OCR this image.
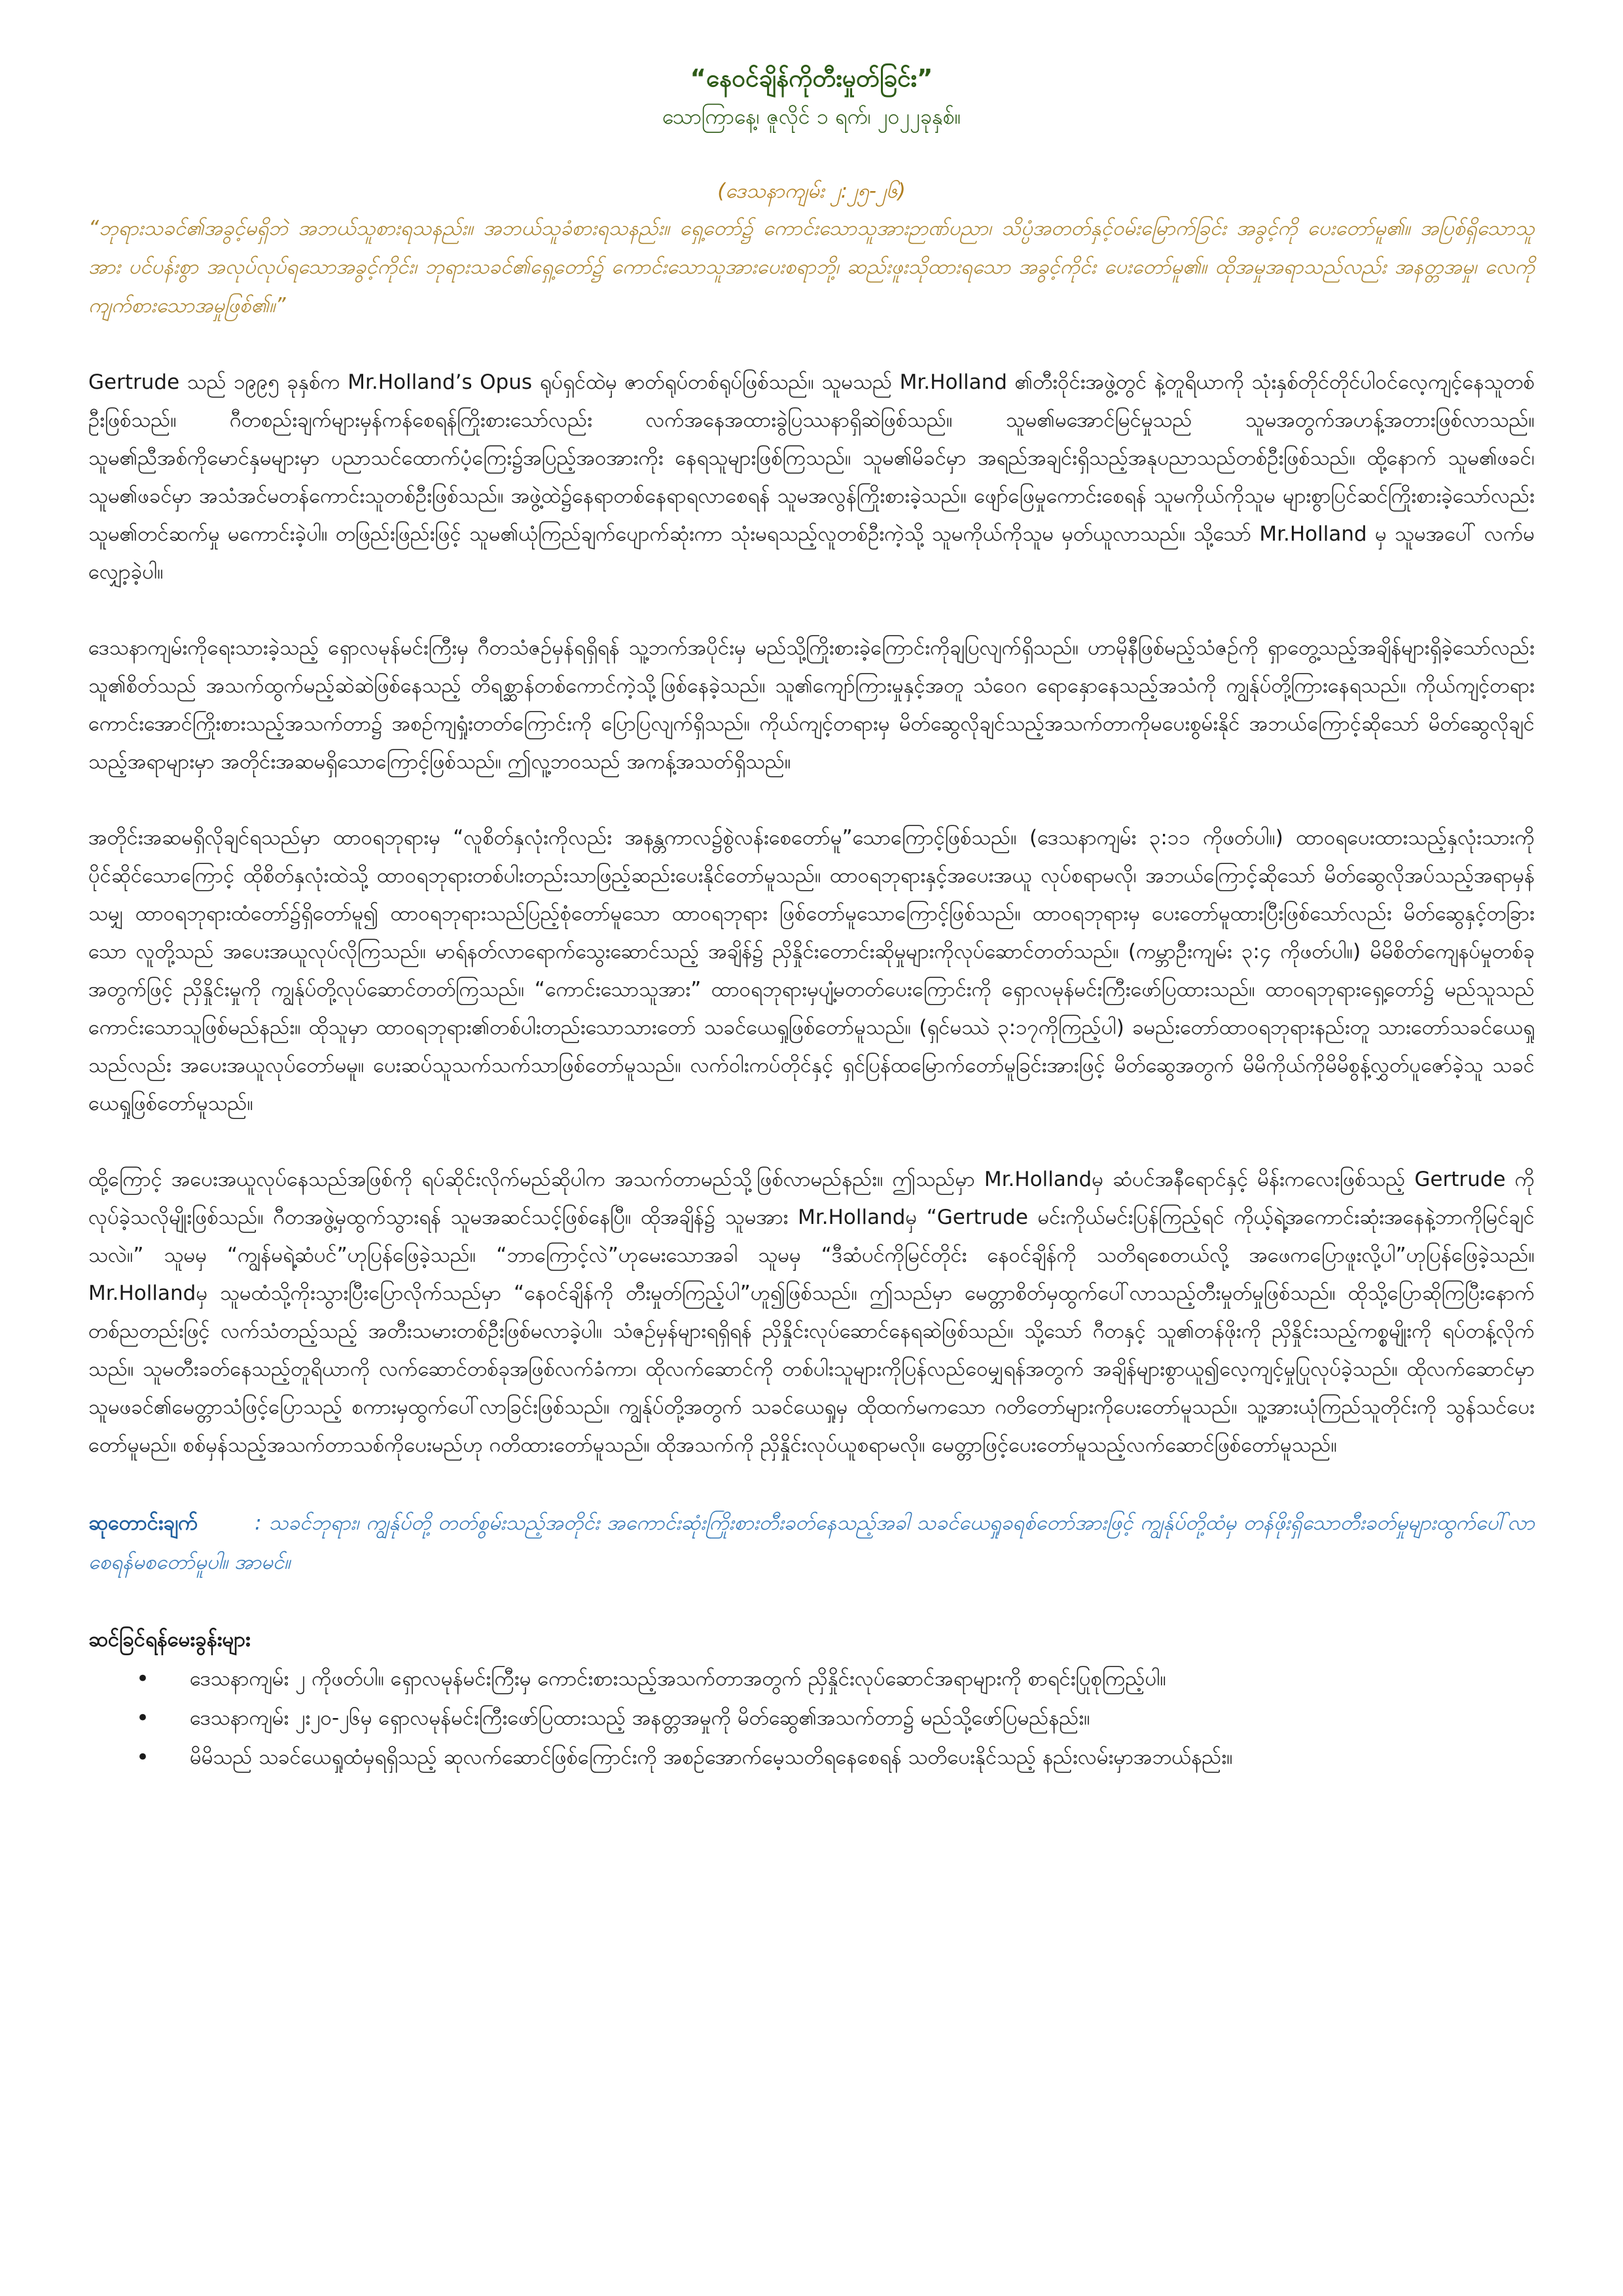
“နေဝင်ချိန်ကိုတီးမှုတ်ခြင်း”
သောကြာနေ့၊ ဇူလိုင် ၁ ရက်၊ ၂၀၂၂ခုနှစ်။
(ဒေသနာကျမ်း ၂:၂၅-၂၆)

“ဘုရားသခင်၏အခွင့်မရှိဘဲ အဘယ်သူစားရသနည်း။ အဘယ်သူခံစားရသနည်း။ ရှေ့တော်၌ ကောင်းသောသူအားဉာဏ်ပညာ၊ သိပ္ပံအတတ်နှင့်ဝမ်းမြောက်ခြင်း အခွင့်ကို ပေးတော်မူ၏။ အပြစ်ရှိသောသူအား ပင်ပန်းစွာ အလုပ်လုပ်ရသောအခွင့်ကိုင်း၊ ဘုရားသခင်၏ရှေ့တော်၌ ကောင်းသောသူအားပေးစရာဘို့၊ ဆည်းဖူးသိုထားရသော အခွင့်ကိုင်း ပေးတော်မူ၏။ ထိုအမှုအရာသည်လည်း အနတ္တအမှု၊ လေကိုကျက်စားသောအမှုဖြစ်၏။”

Gertrude သည် ၁၉၉၅ ခုနှစ်က Mr.Holland’s Opus ရုပ်ရှင်ထဲမှ ဇာတ်ရုပ်တစ်ရုပ်ဖြစ်သည်။ သူမသည် Mr.Holland ၏တီးဝိုင်းအဖွဲ့တွင် နဲ့တူရိယာကို သုံးနှစ်တိုင်တိုင်ပါဝင်လေ့ကျင့်နေသူတစ်ဦးဖြစ်သည်။ ဂီတစည်းချက်များမှန်ကန်စေရန်ကြိုးစားသော်လည်း လက်အနေအထားခွဲပြဿနာရှိဆဲဖြစ်သည်။ သူမ၏မအောင်မြင်မှုသည် သူမအတွက်အဟန့်အတားဖြစ်လာသည်။ သူမ၏ညီအစ်ကိုမောင်နှမများမှာ ပညာသင်ထောက်ပံ့ကြေး၌အပြည့်အဝအားကိုး နေရသူများဖြစ်ကြသည်။ သူမ၏မိခင်မှာ အရည်အချင်းရှိသည့်အနုပညာသည်တစ်ဦးဖြစ်သည်။ ထို့နောက် သူမ၏ဖခင်၊ သူမ၏ဖခင်မှာ အသံအင်မတန်ကောင်းသူတစ်ဦးဖြစ်သည်။ အဖွဲ့ထဲ၌နေရာတစ်နေရာရလာစေရန် သူမအလွန်ကြိုးစားခဲ့သည်။ ဖျော်ဖြေမှုကောင်းစေရန် သူမကိုယ်ကိုသူမ များစွာပြင်ဆင်ကြိုးစားခဲ့သော်လည်း သူမ၏တင်ဆက်မှု မကောင်းခဲ့ပါ။ တဖြည်းဖြည်းဖြင့် သူမ၏ယုံကြည်ချက်ပျောက်ဆုံးကာ သုံးမရသည့်လူတစ်ဦးကဲ့သို့ သူမကိုယ်ကိုသူမ မှတ်ယူလာသည်။ သို့သော် Mr.Holland မှ သူမအပေါ် လက်မလျှော့ခဲ့ပါ။

ဒေသနာကျမ်းကိုရေးသားခဲ့သည့် ရှောလမုန်မင်းကြီးမှ ဂီတသံဇဉ်မှန်ရရှိရန် သူ့ဘက်အပိုင်းမှ မည်သို့ကြိုးစားခဲ့ကြောင်းကိုချပြလျက်ရှိသည်။ ဟာမိုနီဖြစ်မည့်သံဇဉ်ကို ရှာတွေ့သည့်အချိန်များရှိခဲ့သော်လည်း သူ၏စိတ်သည် အသက်ထွက်မည့်ဆဲဆဲဖြစ်နေသည့် တိရစ္ဆာန်တစ်ကောင်ကဲ့သို့ဖြစ်နေခဲ့သည်။ သူ၏ကျော်ကြားမှုနှင့်အတူ သံဝေဂ ရောနှောနေသည့်အသံကို ကျွန်ုပ်တို့ကြားနေရသည်။ ကိုယ်ကျင့်တရားကောင်းအောင်ကြိုးစားသည့်အသက်တာ၌ အစဉ်ကျရှုံးတတ်ကြောင်းကို ပြောပြလျက်ရှိသည်။ ကိုယ်ကျင့်တရားမှ မိတ်ဆွေလိုချင်သည့်အသက်တာကိုမပေးစွမ်းနိုင် အဘယ်ကြောင့်ဆိုသော် မိတ်ဆွေလိုချင်သည့်အရာများမှာ အတိုင်းအဆမရှိသောကြောင့်ဖြစ်သည်။ ဤလူ့ဘဝသည် အကန့်အသတ်ရှိသည်။

အတိုင်းအဆမရှိလိုချင်ရသည်မှာ ထာဝရဘုရားမှ “လူစိတ်နှလုံးကိုလည်း အနန္တကာလ၌စွဲလန်းစေတော်မူ”သောကြောင့်ဖြစ်သည်။ (ဒေသနာကျမ်း ၃:၁၁ ကိုဖတ်ပါ။) ထာဝရပေးထားသည့်နှလုံးသားကိုပိုင်ဆိုင်သောကြောင့် ထိုစိတ်နှလုံးထဲသို့ ထာဝရဘုရားတစ်ပါးတည်းသာဖြည့်ဆည်းပေးနိုင်တော်မူသည်။ ထာဝရဘုရားနှင့်အပေးအယူ လုပ်စရာမလို၊ အဘယ်ကြောင့်ဆိုသော် မိတ်ဆွေလိုအပ်သည့်အရာမှန်သမျှ ထာဝရဘုရားထံတော်၌ရှိတော်မူ၍ ထာဝရဘုရားသည်ပြည့်စုံတော်မူသော ထာဝရဘုရား ဖြစ်တော်မူသောကြောင့်ဖြစ်သည်။ ထာဝရဘုရားမှ ပေးတော်မူထားပြီးဖြစ်သော်လည်း မိတ်ဆွေနှင့်တခြားသော လူတို့သည် အပေးအယူလုပ်လိုကြသည်။ မာရ်နတ်လာရောက်သွေးဆောင်သည့် အချိန်၌ ညှိနှိုင်းတောင်းဆိုမှုများကိုလုပ်ဆောင်တတ်သည်။ (ကမ္ဘာဦးကျမ်း ၃:၄ ကိုဖတ်ပါ။) မိမိစိတ်ကျေနပ်မှုတစ်ခုအတွက်ဖြင့် ညှိနှိုင်းမှုကို ကျွန်ုပ်တို့လုပ်ဆောင်တတ်ကြသည်။ “ကောင်းသောသူအား” ထာဝရဘုရားမှပျံ့မတတ်ပေးကြောင်းကို ရှောလမုန်မင်းကြီးဖော်ပြထားသည်။ ထာဝရဘုရားရှေ့တော်၌ မည်သူသည်ကောင်းသောသူဖြစ်မည်နည်း။ ထိုသူမှာ ထာဝရဘုရား၏တစ်ပါးတည်းသောသားတော် သခင်ယေရှုဖြစ်တော်မူသည်။ (ရှင်မဿဲ ၃:၁၇ကိုကြည့်ပါ) ခမည်းတော်ထာဝရဘုရားနည်းတူ သားတော်သခင်ယေရှုသည်လည်း အပေးအယူလုပ်တော်မမူ။ ပေးဆပ်သူသက်သက်သာဖြစ်တော်မူသည်။ လက်ဝါးကပ်တိုင်နှင့် ရှင်ပြန်ထမြောက်တော်မူခြင်းအားဖြင့် မိတ်ဆွေအတွက် မိမိကိုယ်ကိုမိမိစွန့်လွှတ်ပူဇော်ခဲ့သူ သခင်ယေရှုဖြစ်တော်မူသည်။

ထို့ကြောင့် အပေးအယူလုပ်နေသည်အဖြစ်ကို ရပ်ဆိုင်းလိုက်မည်ဆိုပါက အသက်တာမည်သို့ဖြစ်လာမည်နည်း။ ဤသည်မှာ Mr.Hollandမှ ဆံပင်အနီရောင်နှင့် မိန်းကလေးဖြစ်သည့် Gertrude ကိုလုပ်ခဲ့သလိုမျိုးဖြစ်သည်။ ဂီတအဖွဲ့မှထွက်သွားရန် သူမအဆင်သင့်ဖြစ်နေပြီ။ ထိုအချိန်၌ သူမအား Mr.Hollandမှ “Gertrude မင်းကိုယ်မင်းပြန်ကြည့်ရင် ကိုယ့်ရဲ့အကောင်းဆုံးအနေနဲ့ဘာကိုမြင်ချင်သလဲ။” သူမမှ “ကျွန်မရဲ့ဆံပင်”ဟုပြန်ဖြေခဲ့သည်။ “ဘာကြောင့်လဲ”ဟုမေးသောအခါ သူမမှ “ဒီဆံပင်ကိုမြင်တိုင်း နေဝင်ချိန်ကို သတိရစေတယ်လို့ အဖေကပြောဖူးလို့ပါ”ဟုပြန်ဖြေခဲ့သည်။ Mr.Hollandမှ သူမထံသို့ကိုးသွားပြီးပြောလိုက်သည်မှာ “နေဝင်ချိန်ကို တီးမှုတ်ကြည့်ပါ”ဟူ၍ဖြစ်သည်။ ဤသည်မှာ မေတ္တာစိတ်မှထွက်ပေါ်လာသည့်တီးမှုတ်မှုဖြစ်သည်။ ထိုသို့ပြောဆိုကြပြီးနောက် တစ်ညတည်းဖြင့် လက်သံတည့်သည့် အတီးသမားတစ်ဦးဖြစ်မလာခဲ့ပါ။ သံဇဉ်မှန်များရရှိရန် ညှိနှိုင်းလုပ်ဆောင်နေရဆဲဖြစ်သည်။ သို့သော် ဂီတနှင့် သူ၏တန်ဖိုးကို ညှိနှိုင်းသည့်ကစ္စမျိုးကို ရပ်တန့်လိုက်သည်။ သူမတီးခတ်နေသည့်တူရိယာကို လက်ဆောင်တစ်ခုအဖြစ်လက်ခံကာ၊ ထိုလက်ဆောင်ကို တစ်ပါးသူများကိုပြန်လည်ဝေမျှရန်အတွက် အချိန်များစွာယူ၍လေ့ကျင့်မှုပြုလုပ်ခဲ့သည်။ ထိုလက်ဆောင်မှာ သူမဖခင်၏မေတ္တာသံဖြင့်ပြောသည့် စကားမှထွက်ပေါ်လာခြင်းဖြစ်သည်။ ကျွန်ုပ်တို့အတွက် သခင်ယေရှုမှ ထိုထက်မကသော ဂတိတော်များကိုပေးတော်မူသည်။ သူ့အားယုံကြည်သူတိုင်းကို သွန်သင်ပေးတော်မူမည်။ စစ်မှန်သည့်အသက်တာသစ်ကိုပေးမည်ဟု ဂတိထားတော်မူသည်။ ထိုအသက်ကို ညှိနှိုင်းလုပ်ယူစရာမလို။ မေတ္တာဖြင့်ပေးတော်မူသည့်လက်ဆောင်ဖြစ်တော်မူသည်။

ဆုတောင်းချက်	: သခင်ဘုရား၊ ကျွန်ုပ်တို့ တတ်စွမ်းသည့်အတိုင်း အကောင်းဆုံးကြိုးစားတီးခတ်နေသည့်အခါ သခင်ယေရှုခရစ်တော်အားဖြင့် ကျွန်ုပ်တို့ထံမှ တန်ဖိုးရှိသောတီးခတ်မှုများထွက်ပေါ်လာစေရန်မစတော်မူပါ။ အာမင်။
ဆင်ခြင်ရန်မေးခွန်းများ
• ဒေသနာကျမ်း ၂ ကိုဖတ်ပါ။ ရှောလမုန်မင်းကြီးမှ ကောင်းစားသည့်အသက်တာအတွက် ညှိနှိုင်းလုပ်ဆောင်အရာများကို စာရင်းပြုစုကြည့်ပါ။
• ဒေသနာကျမ်း ၂း၂၀-၂၆မှ ရှောလမုန်မင်းကြီးဖော်ပြထားသည့် အနတ္တအမှုကို မိတ်ဆွေ၏အသက်တာ၌ မည်သို့ဖော်ပြမည်နည်း။
• မိမိသည် သခင်ယေရှုထံမှရရှိသည့် ဆုလက်ဆောင်ဖြစ်ကြောင်းကို အစဉ်အောက်မေ့သတိရနေစေရန် သတိပေးနိုင်သည့် နည်းလမ်းမှာအဘယ်နည်း။
